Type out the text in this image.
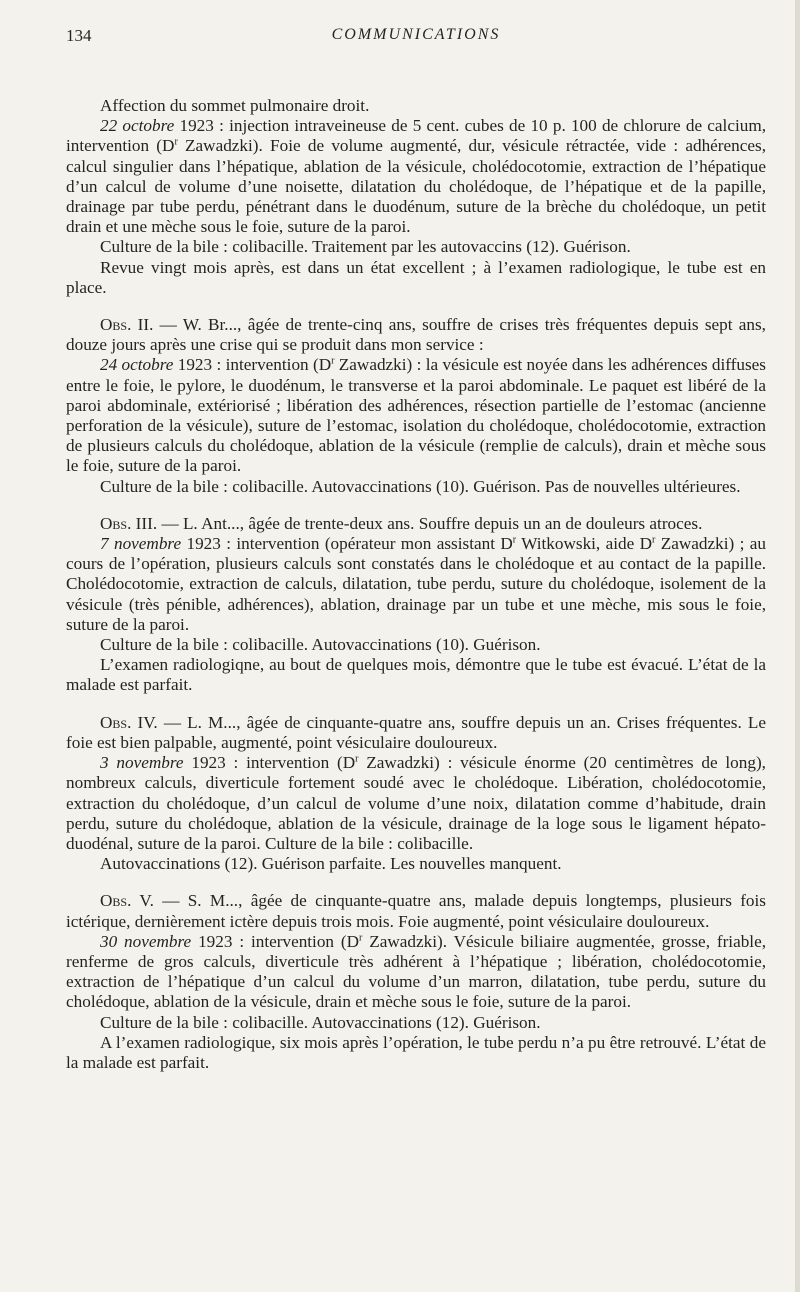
134	COMMUNICATIONS

Affection du sommet pulmonaire droit.

22 octobre 1923 : injection intraveineuse de 5 cent. cubes de 10 p. 100 de chlorure de calcium, intervention ($D^r$ Zawadzki). Foie de volume augmenté, dur, vésicule rétractée, vide : adhérences, calcul singulier dans l’hépatique, ablation de la vésicule, cholédocotomie, extraction de l’hépatique d’un calcul de volume d’une noisette, dilatation du cholédoque, de l’hépatique et de la papille, drainage par tube perdu, pénétrant dans le duodénum, suture de la brèche du cholédoque, un petit drain et une mèche sous le foie, suture de la paroi.

Culture de la bile : colibacille. Traitement par les autovaccins (12). Guérison.

Revue vingt mois après, est dans un état excellent ; à l’examen radiologique, le tube est en place.

Obs. II. — W. Br..., âgée de trente-cinq ans, souffre de crises très fréquentes depuis sept ans, douze jours après une crise qui se produit dans mon service :

24 octobre 1923 : intervention ($D^r$ Zawadzki) : la vésicule est noyée dans les adhérences diffuses entre le foie, le pylore, le duodénum, le transverse et la paroi abdominale. Le paquet est libéré de la paroi abdominale, extériorisé ; libération des adhérences, résection partielle de l’estomac (ancienne perforation de la vésicule), suture de l’estomac, isolation du cholédoque, cholédocotomie, extraction de plusieurs calculs du cholédoque, ablation de la vésicule (remplie de calculs), drain et mèche sous le foie, suture de la paroi.

Culture de la bile : colibacille. Autovaccinations (10). Guérison. Pas de nouvelles ultérieures.

Obs. III. — L. Ant..., âgée de trente-deux ans. Souffre depuis un an de douleurs atroces.

7 novembre 1923 : intervention (opérateur mon assistant $D^r$ Witkowski, aide $D^r$ Zawadzki) ; au cours de l’opération, plusieurs calculs sont constatés dans le cholédoque et au contact de la papille. Cholédocotomie, extraction de calculs, dilatation, tube perdu, suture du cholédoque, isolement de la vésicule (très pénible, adhérences), ablation, drainage par un tube et une mèche, mis sous le foie, suture de la paroi.

Culture de la bile : colibacille. Autovaccinations (10). Guérison.

L’examen radiologiqne, au bout de quelques mois, démontre que le tube est évacué. L’état de la malade est parfait.

Obs. IV. — L. M..., âgée de cinquante-quatre ans, souffre depuis un an. Crises fréquentes. Le foie est bien palpable, augmenté, point vésiculaire douloureux.

3 novembre 1923 : intervention ($D^r$ Zawadzki) : vésicule énorme (20 centimètres de long), nombreux calculs, diverticule fortement soudé avec le cholédoque. Libération, cholédocotomie, extraction du cholédoque, d’un calcul de volume d’une noix, dilatation comme d’habitude, drain perdu, suture du cholédoque, ablation de la vésicule, drainage de la loge sous le ligament hépato-duodénal, suture de la paroi. Culture de la bile : colibacille.

Autovaccinations (12). Guérison parfaite. Les nouvelles manquent.

Obs. V. — S. M..., âgée de cinquante-quatre ans, malade depuis longtemps, plusieurs fois ictérique, dernièrement ictère depuis trois mois. Foie augmenté, point vésiculaire douloureux.

30 novembre 1923 : intervention ($D^r$ Zawadzki). Vésicule biliaire augmentée, grosse, friable, renferme de gros calculs, diverticule très adhérent à l’hépatique ; libération, cholédocotomie, extraction de l’hépatique d’un calcul du volume d’un marron, dilatation, tube perdu, suture du cholédoque, ablation de la vésicule, drain et mèche sous le foie, suture de la paroi.

Culture de la bile : colibacille. Autovaccinations (12). Guérison.

A l’examen radiologique, six mois après l’opération, le tube perdu n’a pu être retrouvé. L’état de la malade est parfait.
